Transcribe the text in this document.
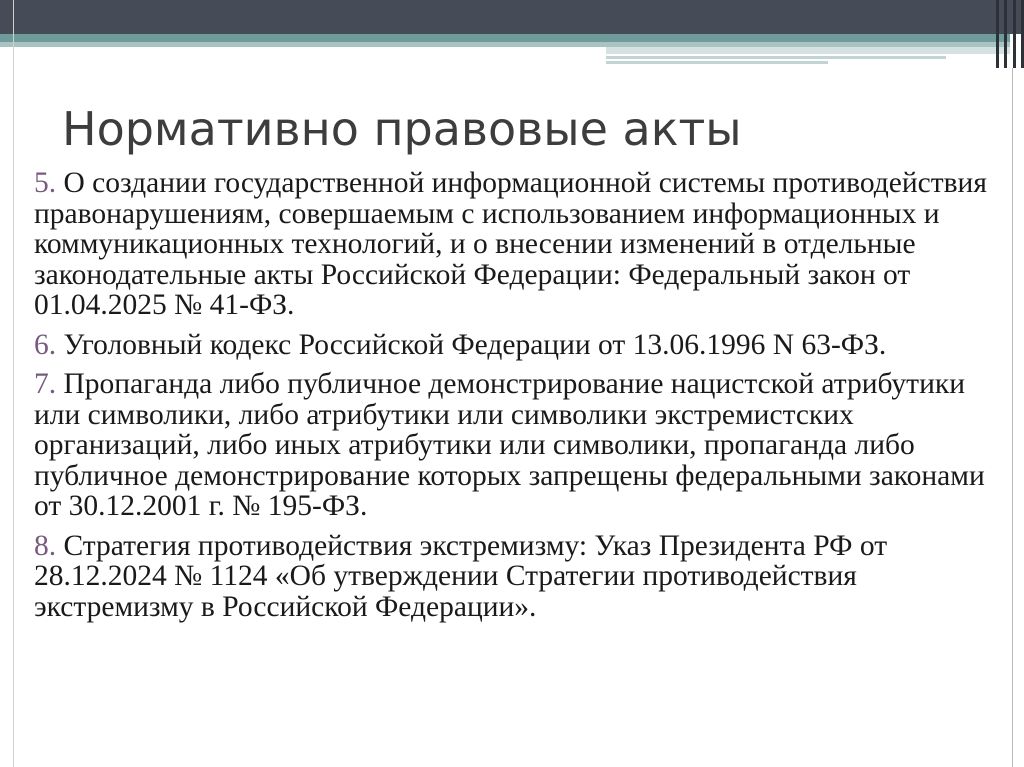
Нормативно правовые акты

5. О создании государственной информационной системы противодействия правонарушениям, совершаемым с использованием информационных и коммуникационных технологий, и о внесении изменений в отдельные законодательные акты Российской Федерации: Федеральный закон от 01.04.2025 № 41-ФЗ.

6. Уголовный кодекс Российской Федерации от 13.06.1996 N 63-ФЗ.

7. Пропаганда либо публичное демонстрирование нацистской атрибутики или символики, либо атрибутики или символики экстремистских организаций, либо иных атрибутики или символики, пропаганда либо публичное демонстрирование которых запрещены федеральными законами от 30.12.2001 г. № 195-ФЗ.

8. Стратегия противодействия экстремизму: Указ Президента РФ от 28.12.2024 № 1124 «Об утверждении Стратегии противодействия экстремизму в Российской Федерации».
